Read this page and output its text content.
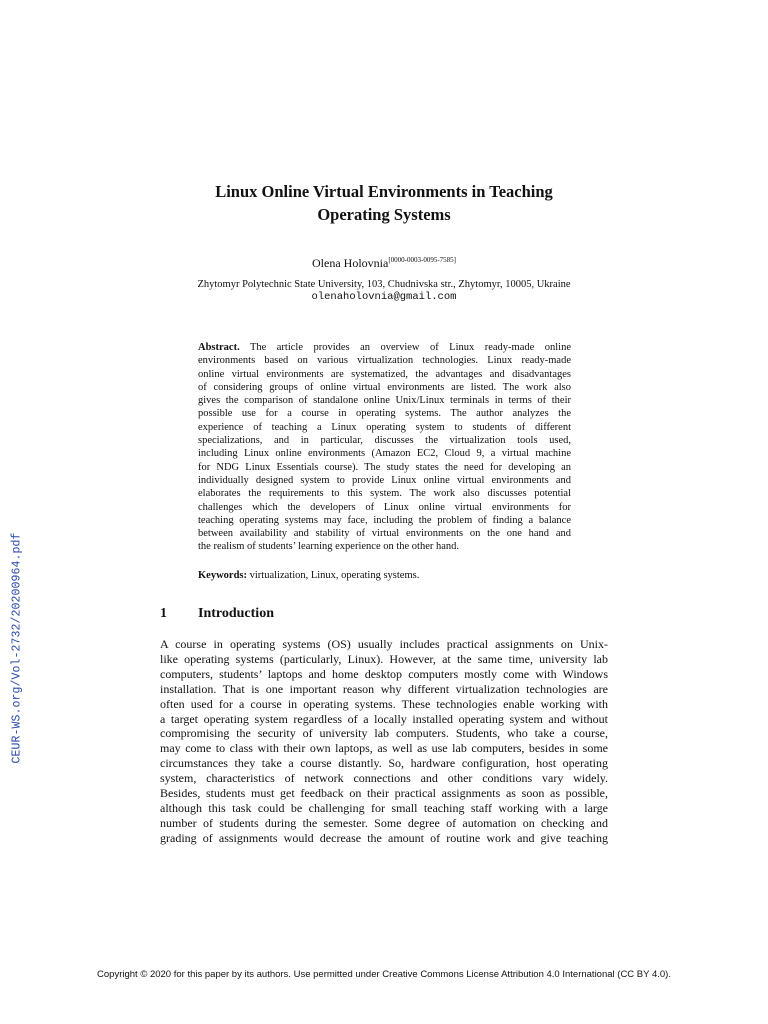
CEUR-WS.org/Vol-2732/20200964.pdf
Linux Online Virtual Environments in Teaching
Operating Systems
Olena Holovnia[0000-0003-0095-7585]
Zhytomyr Polytechnic State University, 103, Chudnivska str., Zhytomyr, 10005, Ukraine
olenaholovnia@gmail.com
Abstract. The article provides an overview of Linux ready-made online
environments based on various virtualization technologies. Linux ready-made
online virtual environments are systematized, the advantages and disadvantages
of considering groups of online virtual environments are listed. The work also
gives the comparison of standalone online Unix/Linux terminals in terms of their
possible use for a course in operating systems. The author analyzes the
experience of teaching a Linux operating system to students of different
specializations, and in particular, discusses the virtualization tools used,
including Linux online environments (Amazon EC2, Cloud 9, a virtual machine
for NDG Linux Essentials course). The study states the need for developing an
individually designed system to provide Linux online virtual environments and
elaborates the requirements to this system. The work also discusses potential
challenges which the developers of Linux online virtual environments for
teaching operating systems may face, including the problem of finding a balance
between availability and stability of virtual environments on the one hand and
the realism of students’ learning experience on the other hand.
Keywords: virtualization, Linux, operating systems.
1 Introduction
A course in operating systems (OS) usually includes practical assignments on Unix-
like operating systems (particularly, Linux). However, at the same time, university lab
computers, students’ laptops and home desktop computers mostly come with Windows
installation. That is one important reason why different virtualization technologies are
often used for a course in operating systems. These technologies enable working with
a target operating system regardless of a locally installed operating system and without
compromising the security of university lab computers. Students, who take a course,
may come to class with their own laptops, as well as use lab computers, besides in some
circumstances they take a course distantly. So, hardware configuration, host operating
system, characteristics of network connections and other conditions vary widely.
Besides, students must get feedback on their practical assignments as soon as possible,
although this task could be challenging for small teaching staff working with a large
number of students during the semester. Some degree of automation on checking and
grading of assignments would decrease the amount of routine work and give teaching
Copyright © 2020 for this paper by its authors. Use permitted under Creative Commons License Attribution 4.0 International (CC BY 4.0).
